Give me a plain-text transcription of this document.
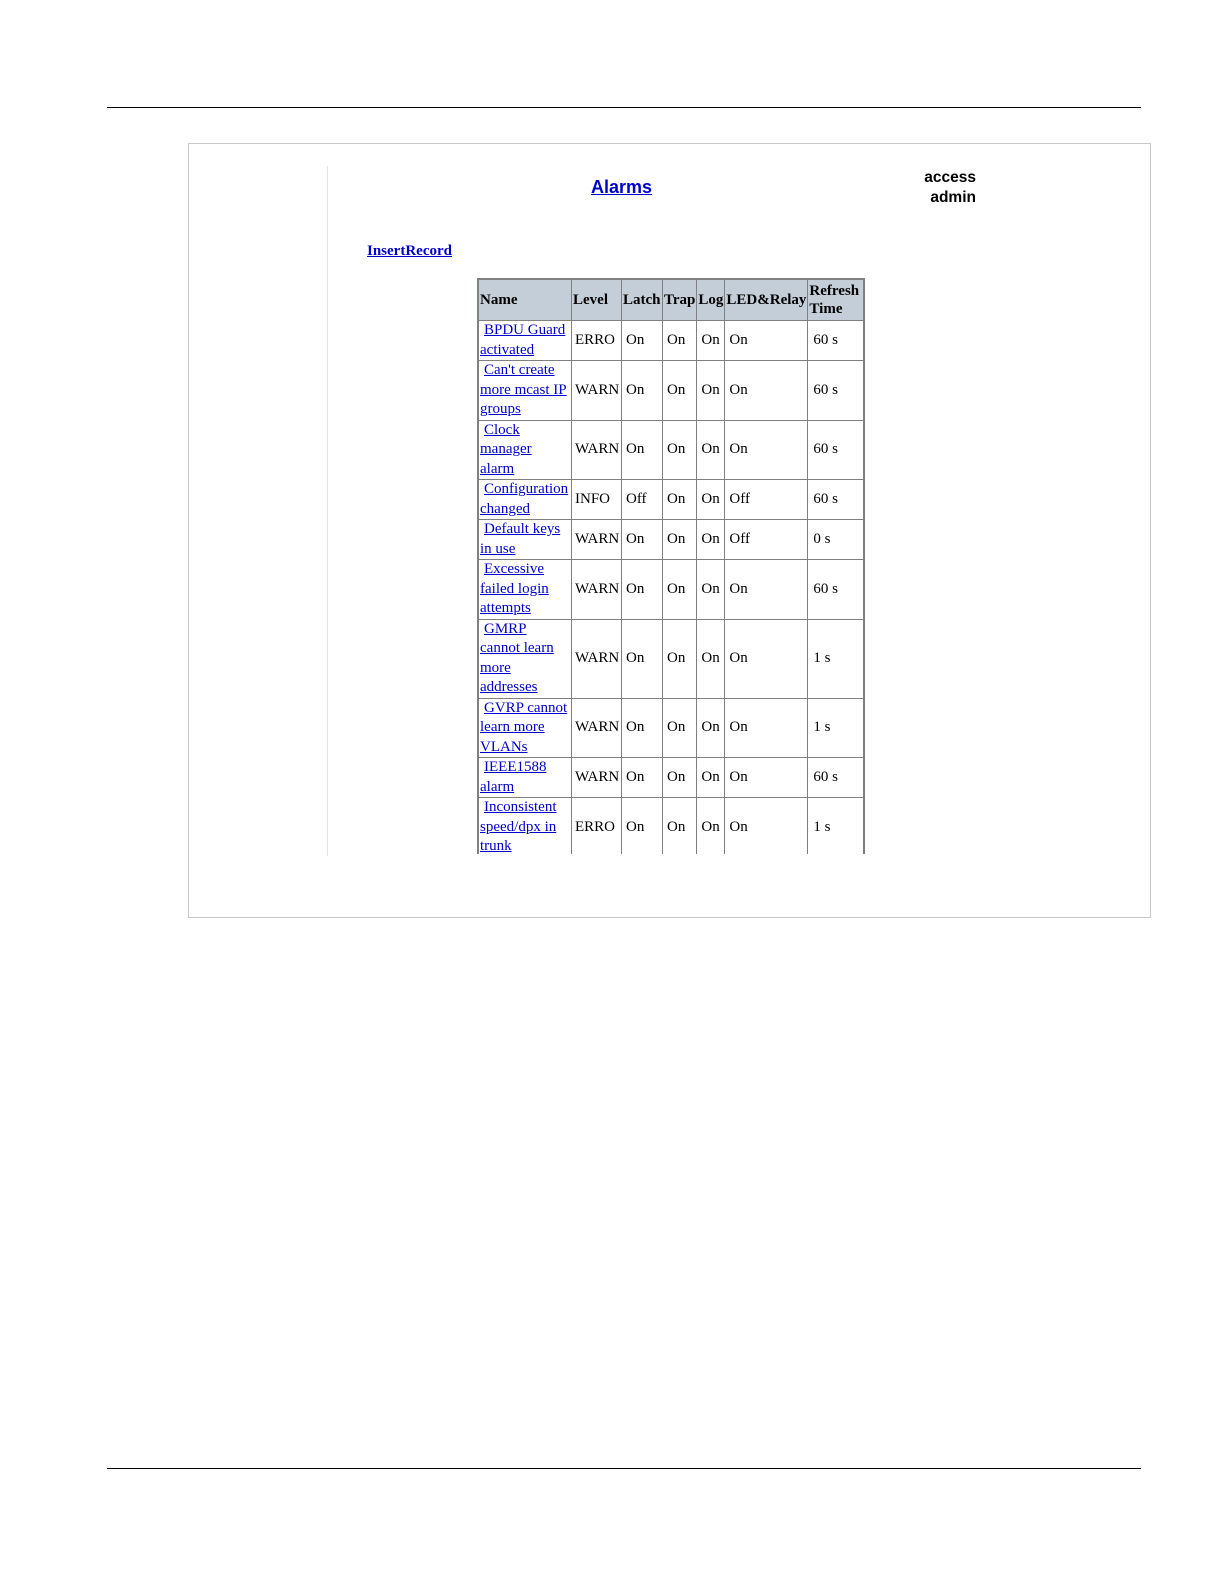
Alarms	access
admin
InsertRecord
Name	Level	Latch	Trap	Log	LED&Relay	Refresh
Time
BPDU Guard
activated	ERRO	On	On	On	On	60 s
Can't create
more mcast IP
groups	WARN	On	On	On	On	60 s
Clock
manager
alarm	WARN	On	On	On	On	60 s
Configuration
changed	INFO	Off	On	On	Off	60 s
Default keys
in use	WARN	On	On	On	Off	0 s
Excessive
failed login
attempts	WARN	On	On	On	On	60 s
GMRP
cannot learn
more
addresses	WARN	On	On	On	On	1 s
GVRP cannot
learn more
VLANs	WARN	On	On	On	On	1 s
IEEE1588
alarm	WARN	On	On	On	On	60 s
Inconsistent
speed/dpx in
trunk	ERRO	On	On	On	On	1 s
